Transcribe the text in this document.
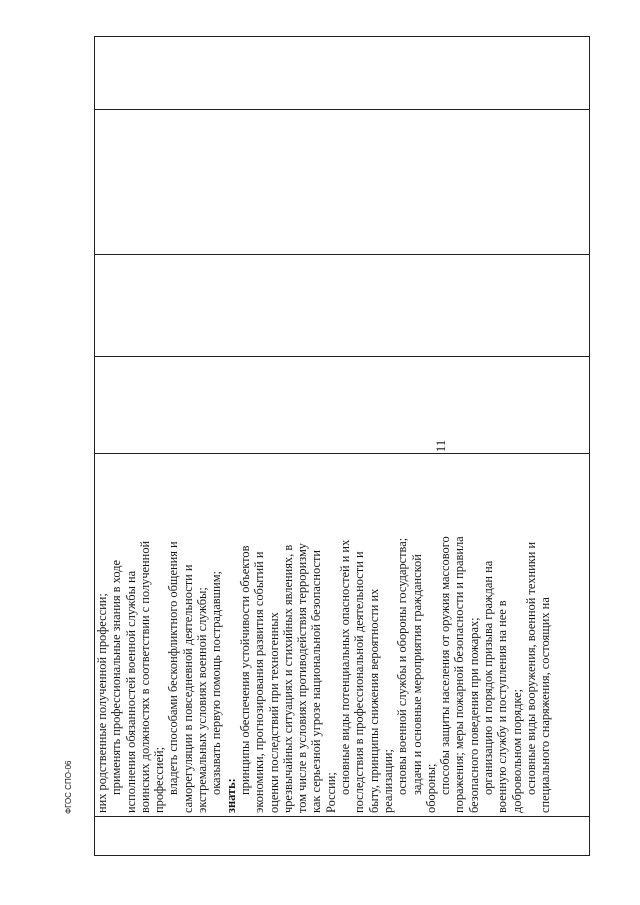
них родственные полученной профессии; применять профессиональные знания в ходе исполнения обязанностей военной службы на воинских должностях в соответствии с полученной профессией; владеть способами бесконфликтного общения и саморегуляции в повседневной деятельности и экстремальных условиях военной службы; оказывать первую помощь пострадавшим;
знать:
принципы обеспечения устойчивости объектов экономики, прогнозирования развития событий и оценки последствий при техногенных чрезвычайных ситуациях и стихийных явлениях, в том числе в условиях противодействия терроризму как серьезной угрозе национальной безопасности России; основные виды потенциальных опасностей и их последствия в профессиональной деятельности и быту, принципы снижения вероятности их реализации; основы военной службы и обороны государства; задачи и основные мероприятия гражданской обороны; способы защиты населения от оружия массового поражения; меры пожарной безопасности и правила безопасного поведения при пожарах; организацию и порядок призыва граждан на военную службу и поступления на нее в добровольном порядке; основные виды вооружения, военной техники и специального снаряжения, состоящих на

11
ФГОС СПО-06
